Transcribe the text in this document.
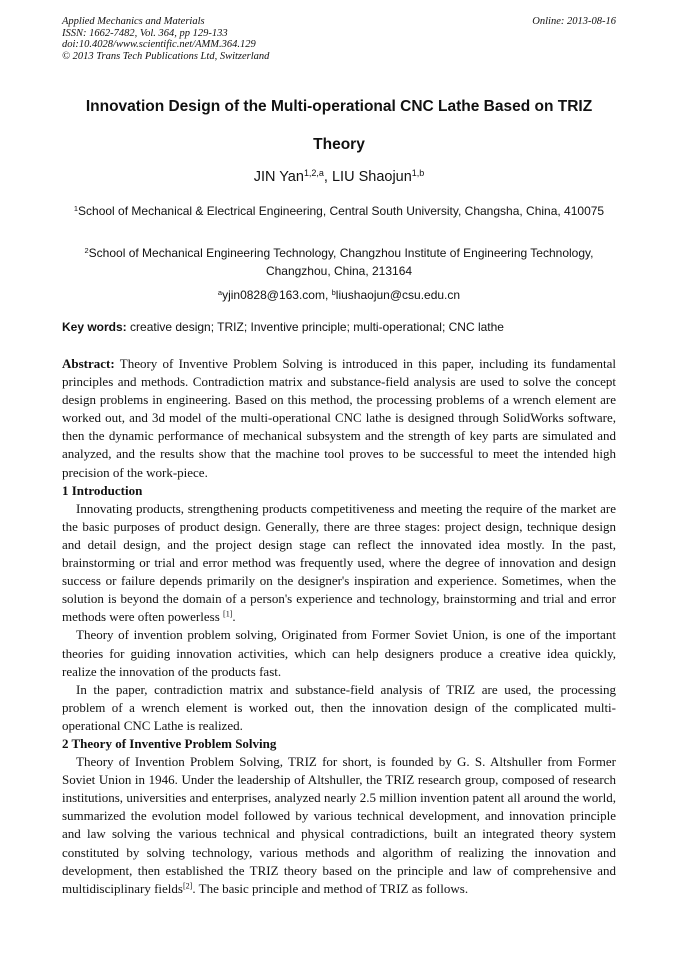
Applied Mechanics and Materials
ISSN: 1662-7482, Vol. 364, pp 129-133
doi:10.4028/www.scientific.net/AMM.364.129
© 2013 Trans Tech Publications Ltd, Switzerland
Online: 2013-08-16
Innovation Design of the Multi-operational CNC Lathe Based on TRIZ
Theory
JIN Yan$^{1,2,a}$, LIU Shaojun$^{1,b}$
$^1$School of Mechanical & Electrical Engineering, Central South University, Changsha, China, 410075
$^2$School of Mechanical Engineering Technology, Changzhou Institute of Engineering Technology, Changzhou, China, 213164
$^a$yjin0828@163.com, $^b$liushaojun@csu.edu.cn
Key words: creative design; TRIZ; Inventive principle; multi-operational; CNC lathe

Abstract: Theory of Inventive Problem Solving is introduced in this paper, including its fundamental principles and methods. Contradiction matrix and substance-field analysis are used to solve the concept design problems in engineering. Based on this method, the processing problems of a wrench element are worked out, and 3d model of the multi-operational CNC lathe is designed through SolidWorks software, then the dynamic performance of mechanical subsystem and the strength of key parts are simulated and analyzed, and the results show that the machine tool proves to be successful to meet the intended high precision of the work-piece.

1 Introduction

Innovating products, strengthening products competitiveness and meeting the require of the market are the basic purposes of product design. Generally, there are three stages: project design, technique design and detail design, and the project design stage can reflect the innovated idea mostly. In the past, brainstorming or trial and error method was frequently used, where the degree of innovation and design success or failure depends primarily on the designer's inspiration and experience. Sometimes, when the solution is beyond the domain of a person's experience and technology, brainstorming and trial and error methods were often powerless [1].

Theory of invention problem solving, Originated from Former Soviet Union, is one of the important theories for guiding innovation activities, which can help designers produce a creative idea quickly, realize the innovation of the products fast.

In the paper, contradiction matrix and substance-field analysis of TRIZ are used, the processing problem of a wrench element is worked out, then the innovation design of the complicated multi-operational CNC Lathe is realized.

2 Theory of Inventive Problem Solving

Theory of Invention Problem Solving, TRIZ for short, is founded by G. S. Altshuller from Former Soviet Union in 1946. Under the leadership of Altshuller, the TRIZ research group, composed of research institutions, universities and enterprises, analyzed nearly 2.5 million invention patent all around the world, summarized the evolution model followed by various technical development, and innovation principle and law solving the various technical and physical contradictions, built an integrated theory system constituted by solving technology, various methods and algorithm of realizing the innovation and development, then established the TRIZ theory based on the principle and law of comprehensive and multidisciplinary fields[2]. The basic principle and method of TRIZ as follows.
